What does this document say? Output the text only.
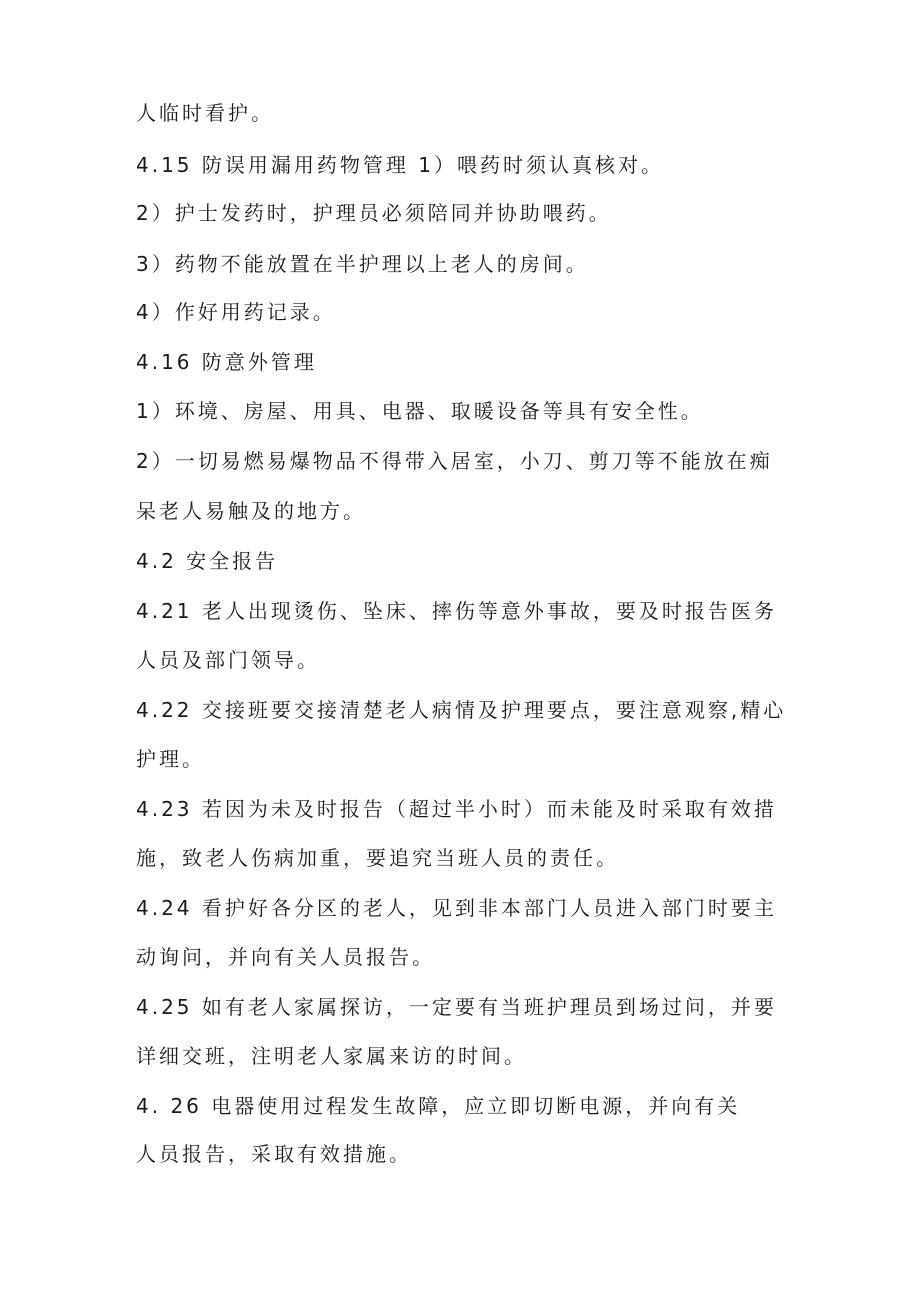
人临时看护。
4.15 防误用漏用药物管理 1）喂药时须认真核对。
2）护士发药时，护理员必须陪同并协助喂药。
3）药物不能放置在半护理以上老人的房间。
4）作好用药记录。
4.16 防意外管理
1）环境、房屋、用具、电器、取暖设备等具有安全性。
2）一切易燃易爆物品不得带入居室，小刀、剪刀等不能放在痴
呆老人易触及的地方。
4.2 安全报告
4.21 老人出现烫伤、坠床、摔伤等意外事故，要及时报告医务
人员及部门领导。
4.22 交接班要交接清楚老人病情及护理要点，要注意观察,精心
护理。
4.23 若因为未及时报告（超过半小时）而未能及时采取有效措
施，致老人伤病加重，要追究当班人员的责任。
4.24 看护好各分区的老人，见到非本部门人员进入部门时要主
动询问，并向有关人员报告。
4.25 如有老人家属探访，一定要有当班护理员到场过问，并要
详细交班，注明老人家属来访的时间。
4. 26 电器使用过程发生故障，应立即切断电源，并向有关
人员报告，采取有效措施。
